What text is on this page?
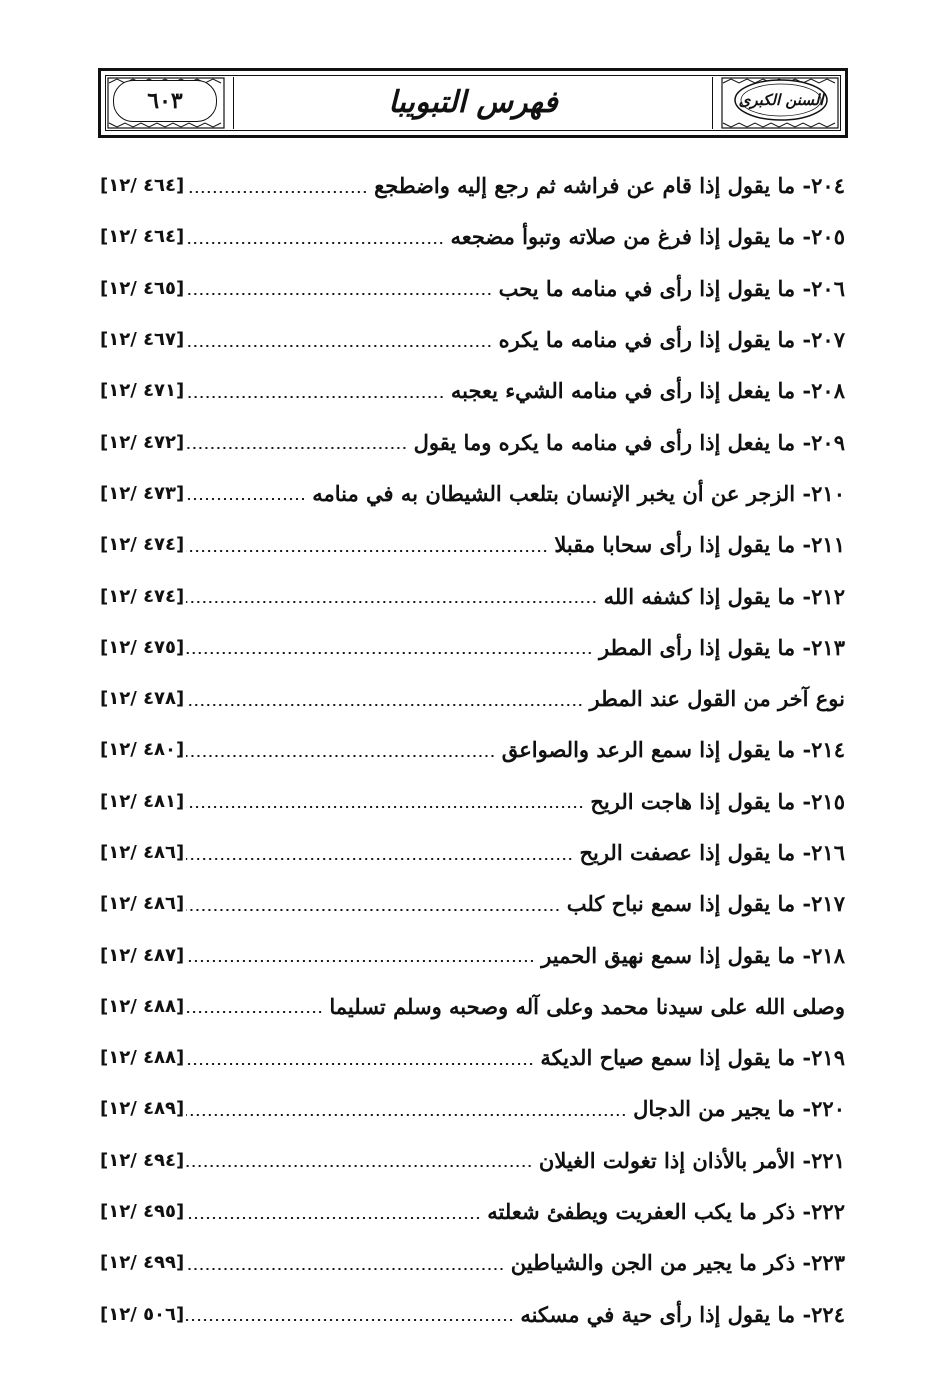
٦٠٣	فهرس التبويبا	السنن الكبرى
٢٠٤- ما يقول إذا قام عن فراشه ثم رجع إليه واضطجع
[٤٦٤ /١٢]
٢٠٥- ما يقول إذا فرغ من صلاته وتبوأ مضجعه
[٤٦٤ /١٢]
٢٠٦- ما يقول إذا رأى في منامه ما يحب
[٤٦٥ /١٢]
٢٠٧- ما يقول إذا رأى في منامه ما يكره
[٤٦٧ /١٢]
٢٠٨- ما يفعل إذا رأى في منامه الشيء يعجبه
[٤٧١ /١٢]
٢٠٩- ما يفعل إذا رأى في منامه ما يكره وما يقول
[٤٧٢ /١٢]
٢١٠- الزجر عن أن يخبر الإنسان بتلعب الشيطان به في منامه
[٤٧٣ /١٢]
٢١١- ما يقول إذا رأى سحابا مقبلا
[٤٧٤ /١٢]
٢١٢- ما يقول إذا كشفه الله
[٤٧٤ /١٢]
٢١٣- ما يقول إذا رأى المطر
[٤٧٥ /١٢]
نوع آخر من القول عند المطر
[٤٧٨ /١٢]
٢١٤- ما يقول إذا سمع الرعد والصواعق
[٤٨٠ /١٢]
٢١٥- ما يقول إذا هاجت الريح
[٤٨١ /١٢]
٢١٦- ما يقول إذا عصفت الريح
[٤٨٦ /١٢]
٢١٧- ما يقول إذا سمع نباح كلب
[٤٨٦ /١٢]
٢١٨- ما يقول إذا سمع نهيق الحمير
[٤٨٧ /١٢]
وصلى الله على سيدنا محمد وعلى آله وصحبه وسلم تسليما
[٤٨٨ /١٢]
٢١٩- ما يقول إذا سمع صياح الديكة
[٤٨٨ /١٢]
٢٢٠- ما يجير من الدجال
[٤٨٩ /١٢]
٢٢١- الأمر بالأذان إذا تغولت الغيلان
[٤٩٤ /١٢]
٢٢٢- ذكر ما يكب العفريت ويطفئ شعلته
[٤٩٥ /١٢]
٢٢٣- ذكر ما يجير من الجن والشياطين
[٤٩٩ /١٢]
٢٢٤- ما يقول إذا رأى حية في مسكنه
[٥٠٦ /١٢]
